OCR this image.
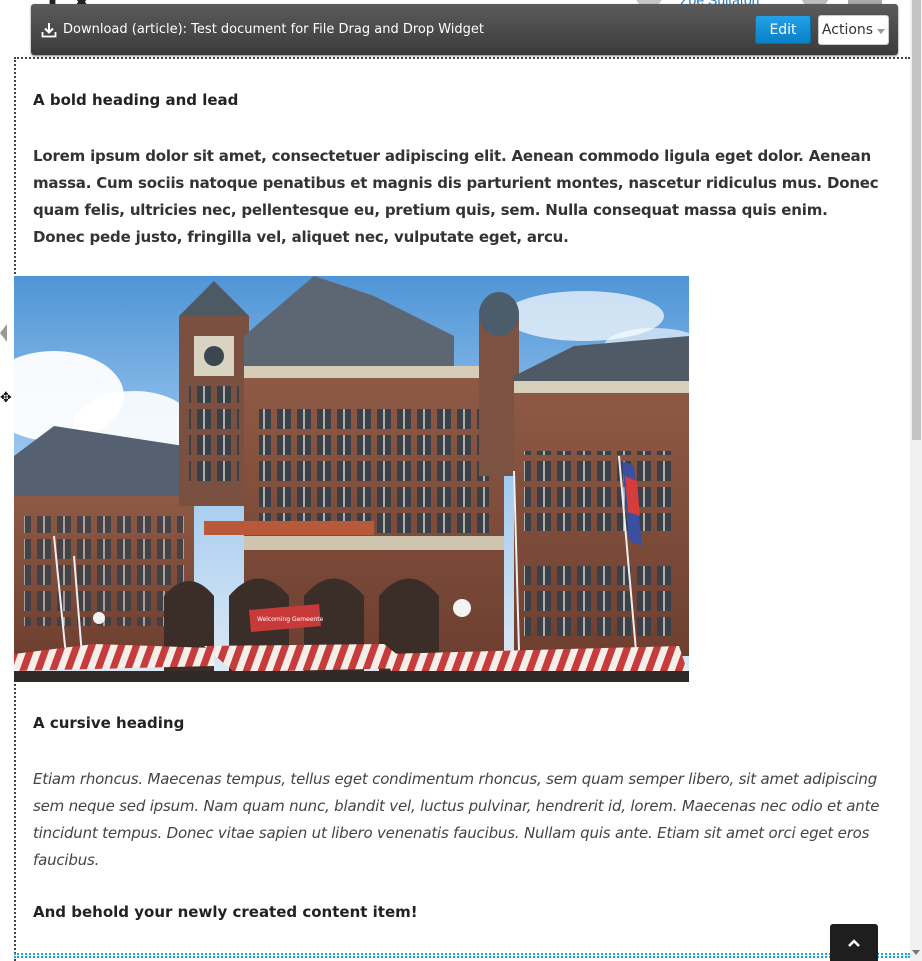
Download (article): Test document for File Drag and Drop Widget	Edit	Actions
✥
A bold heading and lead

Lorem ipsum dolor sit amet, consectetuer adipiscing elit. Aenean commodo ligula eget dolor. Aenean massa. Cum sociis natoque penatibus et magnis dis parturient montes, nascetur ridiculus mus. Donec quam felis, ultricies nec, pellentesque eu, pretium quis, sem. Nulla consequat massa quis enim. Donec pede justo, fringilla vel, aliquet nec, vulputate eget, arcu.

A cursive heading

Etiam rhoncus. Maecenas tempus, tellus eget condimentum rhoncus, sem quam semper libero, sit amet adipiscing sem neque sed ipsum. Nam quam nunc, blandit vel, luctus pulvinar, hendrerit id, lorem. Maecenas nec odio et ante tincidunt tempus. Donec vitae sapien ut libero venenatis faucibus. Nullam quis ante. Etiam sit amet orci eget eros faucibus.

And behold your newly created content item!
Welcoming Gemeente
